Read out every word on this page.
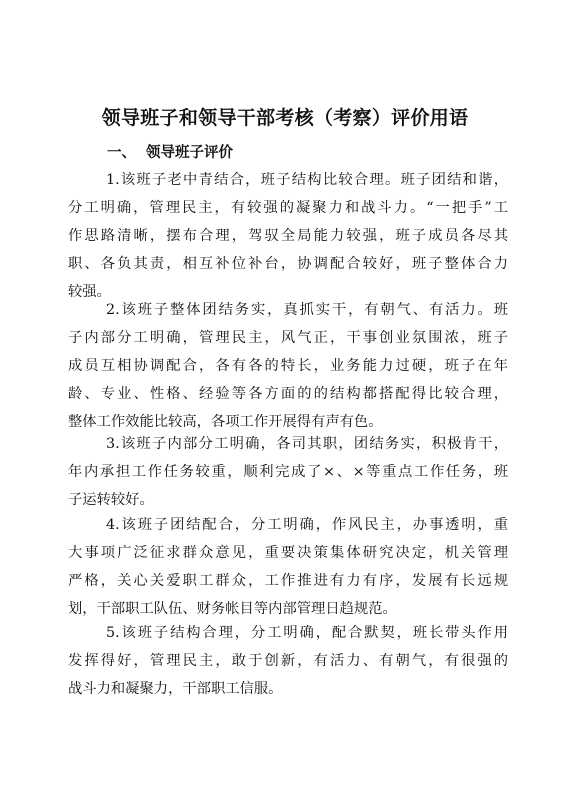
领导班子和领导干部考核（考察）评价用语
一、 领导班子评价
1.该班子老中青结合，班子结构比较合理。班子团结和谐，
分工明确，管理民主，有较强的凝聚力和战斗力。“一把手”工
作思路清晰，摆布合理，驾驭全局能力较强，班子成员各尽其
职、各负其责，相互补位补台，协调配合较好，班子整体合力
较强。
2.该班子整体团结务实，真抓实干，有朝气、有活力。班
子内部分工明确，管理民主，风气正，干事创业氛围浓，班子
成员互相协调配合，各有各的特长，业务能力过硬，班子在年
龄、专业、性格、经验等各方面的的结构都搭配得比较合理，
整体工作效能比较高，各项工作开展得有声有色。
3.该班子内部分工明确，各司其职，团结务实，积极肯干，
年内承担工作任务较重，顺利完成了×、×等重点工作任务，班
子运转较好。
4.该班子团结配合，分工明确，作风民主，办事透明，重
大事项广泛征求群众意见，重要决策集体研究决定，机关管理
严格，关心关爱职工群众，工作推进有力有序，发展有长远规
划，干部职工队伍、财务帐目等内部管理日趋规范。
5.该班子结构合理，分工明确，配合默契，班长带头作用
发挥得好，管理民主，敢于创新，有活力、有朝气，有很强的
战斗力和凝聚力，干部职工信服。
